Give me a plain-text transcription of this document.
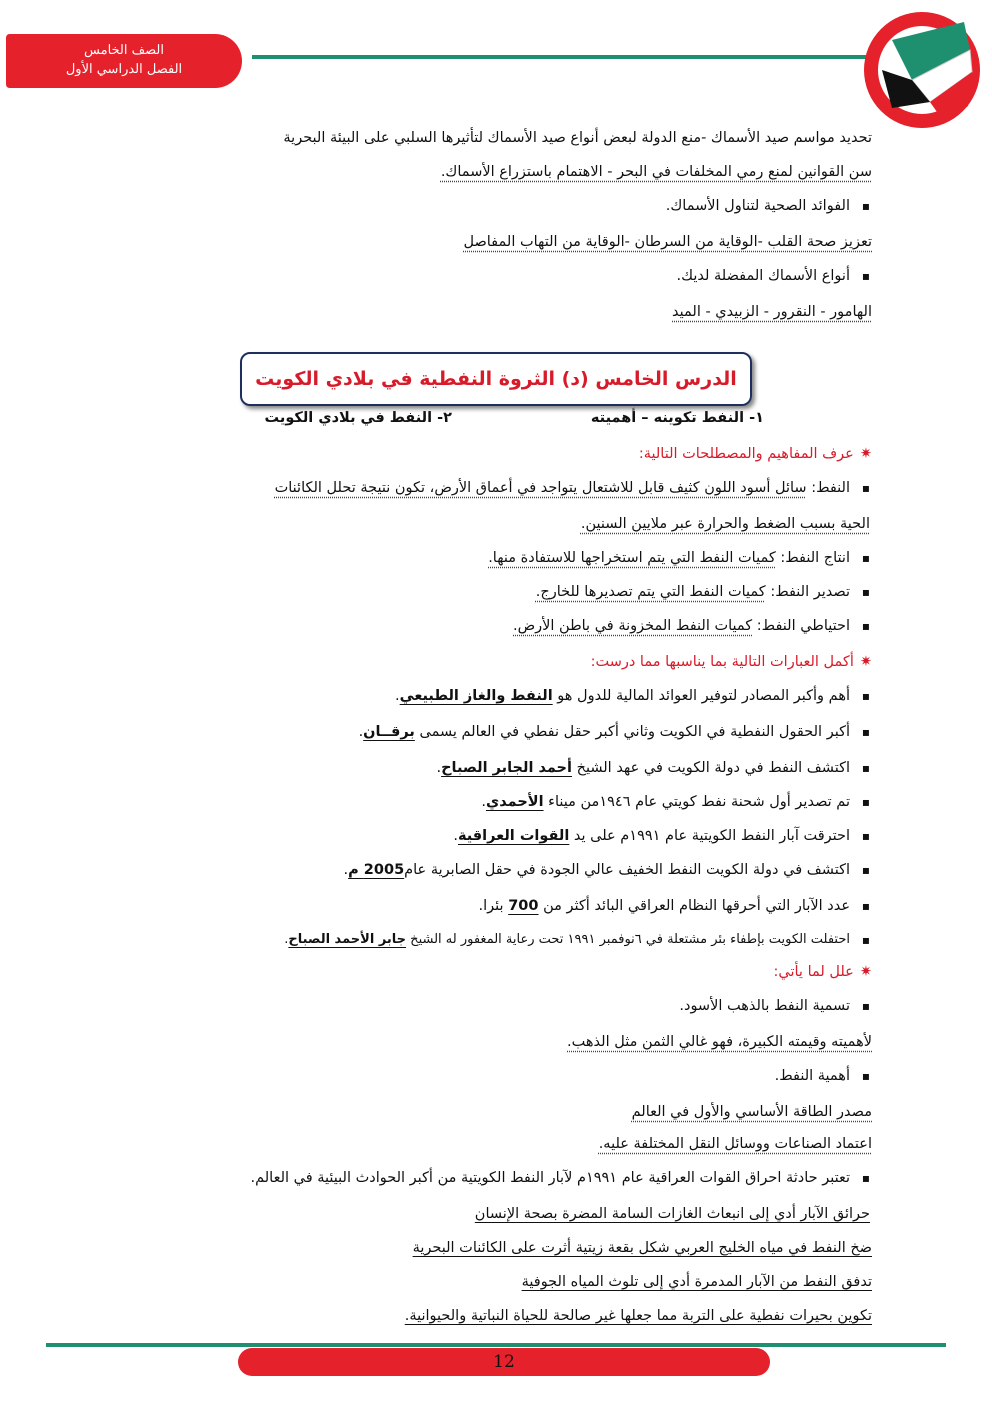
الصف الخامس
الفصل الدراسي الأول
تحديد مواسم صيد الأسماك -منع الدولة لبعض أنواع صيد الأسماك لتأثيرها السلبي على البيئة البحرية
سن القوانين لمنع رمي المخلفات في البحر - الاهتمام باستزراع الأسماك.
▪ الفوائد الصحية لتناول الأسماك.
تعزيز صحة القلب -الوقاية من السرطان -الوقاية من التهاب المفاصل
▪ أنواع الأسماك المفضلة لديك.
الهامور - النقرور - الزبيدي - الميد
١- النفط تكوينه – أهميته
٢- النفط في بلادي الكويت
✷عرف المفاهيم والمصطلحات التالية:
▪ النفط: سائل أسود اللون كثيف قابل للاشتعال يتواجد في أعماق الأرض، تكون نتيجة تحلل الكائنات
الحية بسبب الضغط والحرارة عبر ملايين السنين.
▪ انتاج النفط: كميات النفط التي يتم استخراجها للاستفادة منها.
▪ تصدير النفط: كميات النفط التي يتم تصديرها للخارج.
▪ احتياطي النفط: كميات النفط المخزونة في باطن الأرض.
✷أكمل العبارات التالية بما يناسبها مما درست:
▪ أهم وأكبر المصادر لتوفير العوائد المالية للدول هو النفط والغاز الطبيعي.
▪ أكبر الحقول النفطية في الكويت وثاني أكبر حقل نفطي في العالم يسمى برقــان.
▪ اكتشف النفط في دولة الكويت في عهد الشيخ أحمد الجابر الصباح.
▪ تم تصدير أول شحنة نفط كويتي عام ١٩٤٦من ميناء الأحمدي.
▪ احترقت آبار النفط الكويتية عام ١٩٩١م على يد القوات العراقية.
▪ اكتشف في دولة الكويت النفط الخفيف عالي الجودة في حقل الصابرية عام2005 م.
▪ عدد الآبار التي أحرقها النظام العراقي البائد أكثر من 700 بئرا.
▪ احتفلت الكويت بإطفاء بئر مشتعلة في ٦نوفمبر ١٩٩١ تحت رعاية المغفور له الشيخ جابر الأحمد الصباح.
✷علل لما يأتي:
▪ تسمية النفط بالذهب الأسود.
لأهميته وقيمته الكبيرة، فهو غالي الثمن مثل الذهب.
▪ أهمية النفط.
مصدر الطاقة الأساسي والأول في العالم
اعتماد الصناعات ووسائل النقل المختلفة عليه.
▪ تعتبر حادثة احراق القوات العراقية عام ١٩٩١م لآبار النفط الكويتية من أكبر الحوادث البيئية في العالم.
حرائق الآبار أدي إلى انبعاث الغازات السامة المضرة بصحة الإنسان
ضخ النفط في مياه الخليج العربي شكل بقعة زيتية أثرت على الكائنات البحرية
تدفق النفط من الآبار المدمرة أدي إلى تلوث المياه الجوفية
تكوين بحيرات نفطية على التربة مما جعلها غير صالحة للحياة النباتية والحيوانية.
الدرس الخامس (د) الثروة النفطية في بلادي الكويت
12
